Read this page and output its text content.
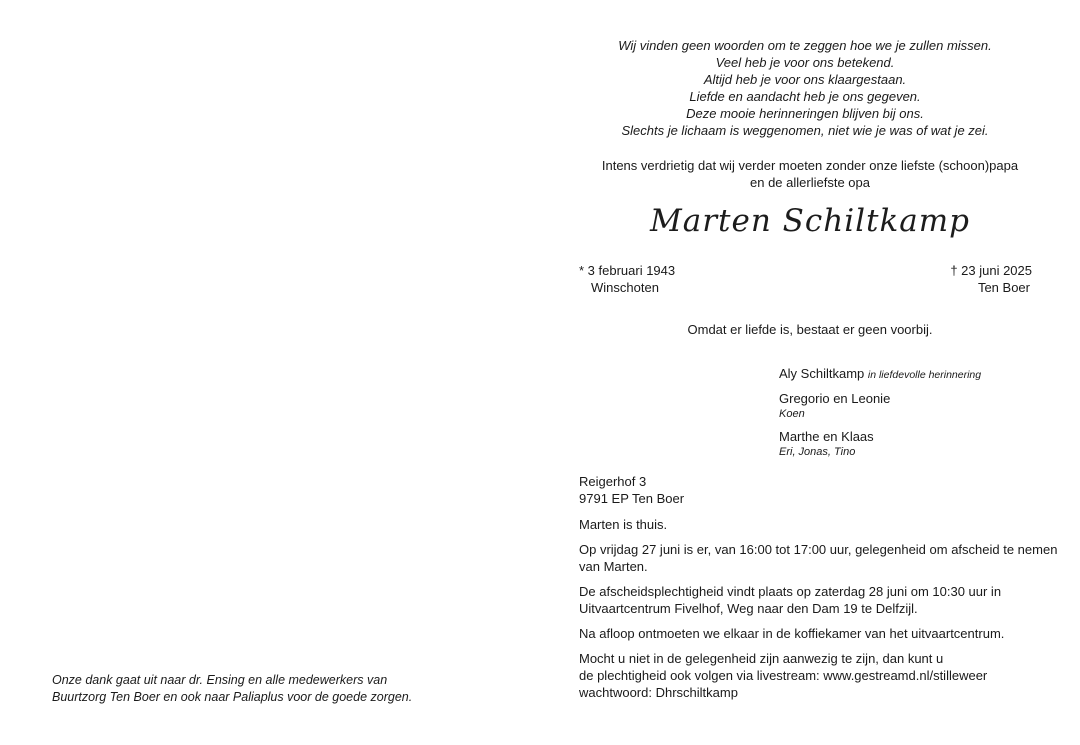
Wij vinden geen woorden om te zeggen hoe we je zullen missen.
Veel heb je voor ons betekend.
Altijd heb je voor ons klaargestaan.
Liefde en aandacht heb je ons gegeven.
Deze mooie herinneringen blijven bij ons.
Slechts je lichaam is weggenomen, niet wie je was of wat je zei.
Intens verdrietig dat wij verder moeten zonder onze liefste (schoon)papa
en de allerliefste opa
Marten Schiltkamp
* 3 februari 1943
Winschoten
† 23 juni 2025
Ten Boer
Omdat er liefde is, bestaat er geen voorbij.
Aly Schiltkamp in liefdevolle herinnering
Gregorio en Leonie
Koen
Marthe en Klaas
Eri, Jonas, Tino
Reigerhof 3
9791 EP Ten Boer

Marten is thuis.

Op vrijdag 27 juni is er, van 16:00 tot 17:00 uur, gelegenheid om afscheid te nemen van Marten.

De afscheidsplechtigheid vindt plaats op zaterdag 28 juni om 10:30 uur in Uitvaartcentrum Fivelhof, Weg naar den Dam 19 te Delfzijl.

Na afloop ontmoeten we elkaar in de koffiekamer van het uitvaartcentrum.

Mocht u niet in de gelegenheid zijn aanwezig te zijn, dan kunt u
de plechtigheid ook volgen via livestream: www.gestreamd.nl/stilleweer
wachtwoord: Dhrschiltkamp
Onze dank gaat uit naar dr. Ensing en alle medewerkers van
Buurtzorg Ten Boer en ook naar Paliaplus voor de goede zorgen.
